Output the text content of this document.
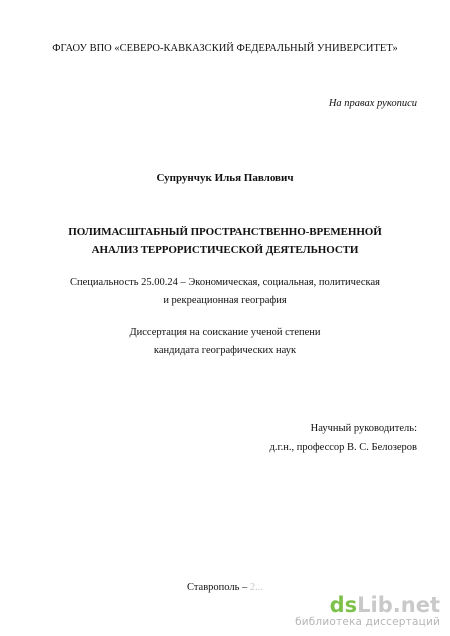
ФГАОУ ВПО «СЕВЕРО-КАВКАЗСКИЙ ФЕДЕРАЛЬНЫЙ УНИВЕРСИТЕТ»
На правах рукописи
Супрунчук Илья Павлович
ПОЛИМАСШТАБНЫЙ ПРОСТРАНСТВЕННО-ВРЕМЕННОЙ
АНАЛИЗ ТЕРРОРИСТИЧЕСКОЙ ДЕЯТЕЛЬНОСТИ
Специальность 25.00.24 – Экономическая, социальная, политическая
и рекреационная география
Диссертация на соискание ученой степени
кандидата географических наук
Научный руководитель:
д.г.н., профессор В. С. Белозеров
Ставрополь – 2...
dsLib.net
библиотека диссертаций
